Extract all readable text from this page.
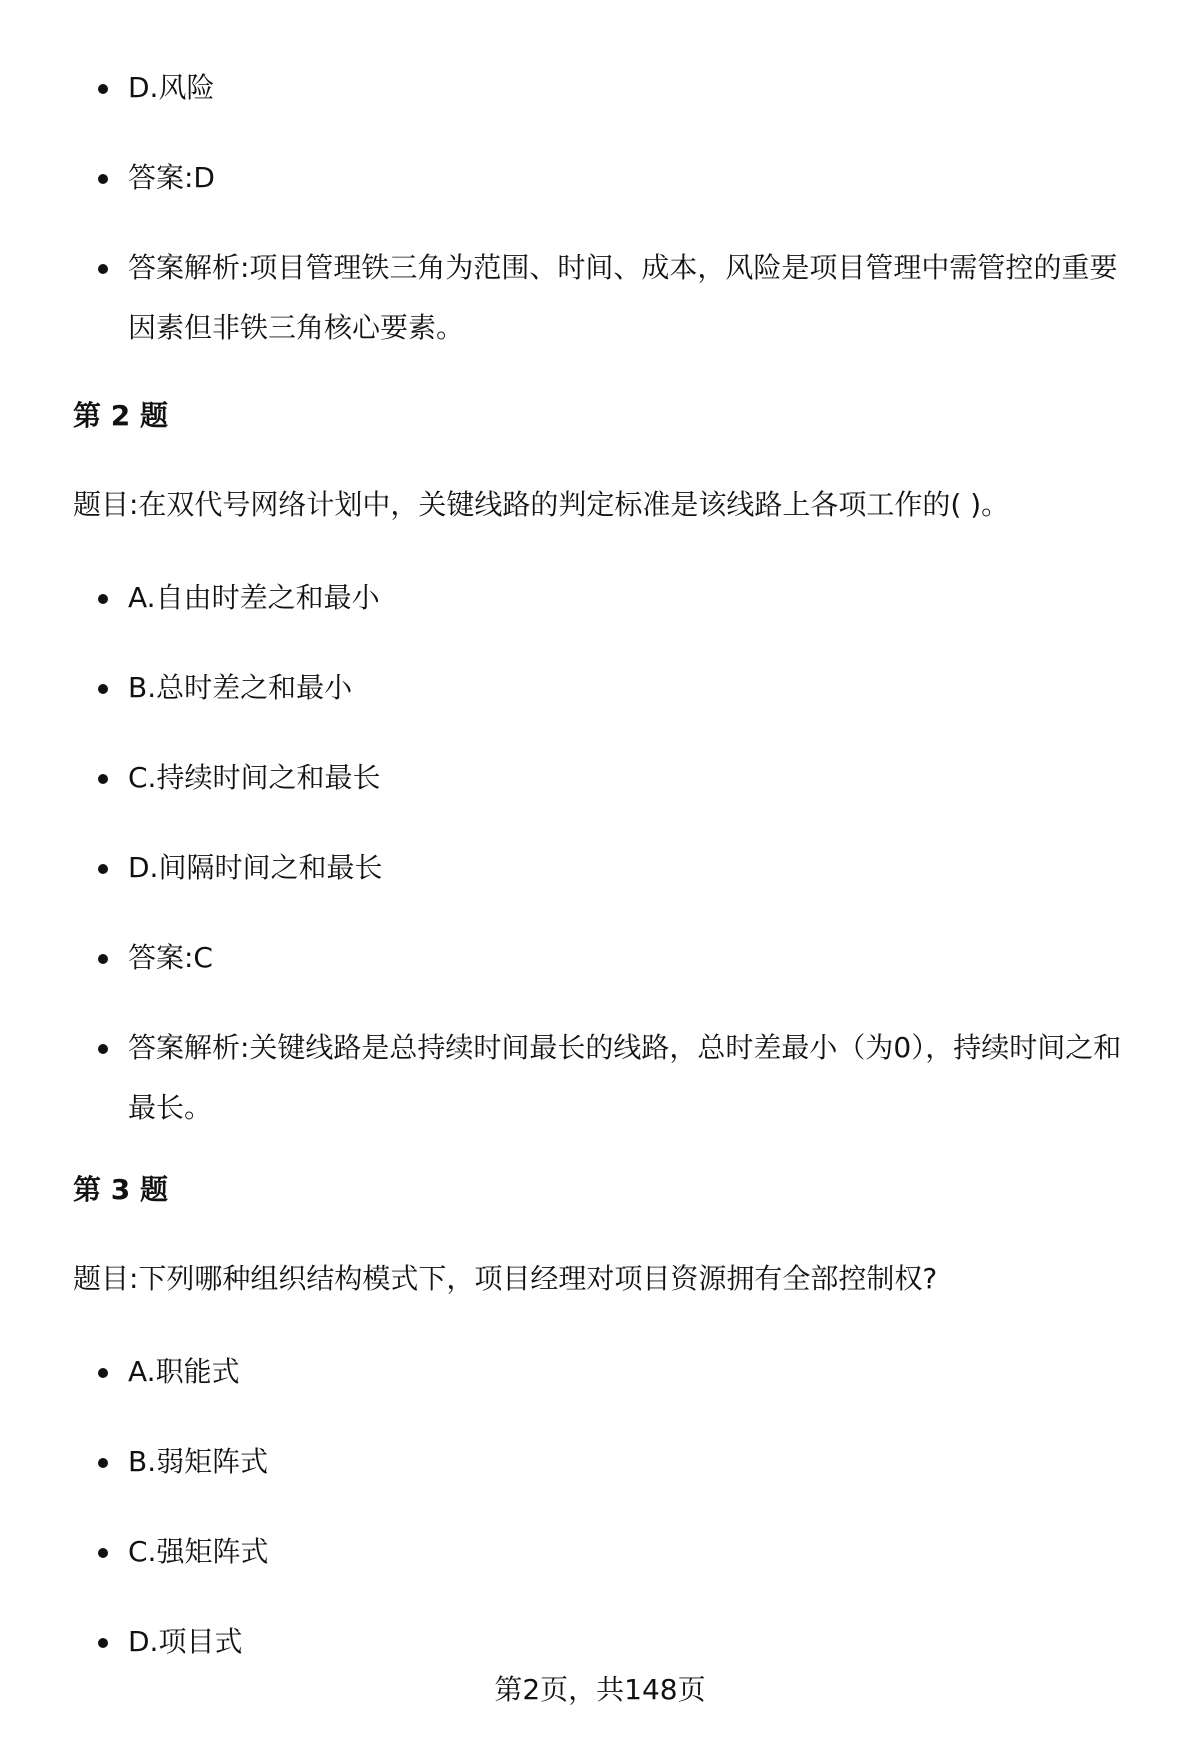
D.风险
答案:D
答案解析:项目管理铁三角为范围、时间、成本，风险是项目管理中需管控的重要因素但非铁三角核心要素。
第 2 题
题目:在双代号网络计划中，关键线路的判定标准是该线路上各项工作的( )。
A.自由时差之和最小
B.总时差之和最小
C.持续时间之和最长
D.间隔时间之和最长
答案:C
答案解析:关键线路是总持续时间最长的线路，总时差最小（为0），持续时间之和最长。
第 3 题
题目:下列哪种组织结构模式下，项目经理对项目资源拥有全部控制权?
A.职能式
B.弱矩阵式
C.强矩阵式
D.项目式
第2页，共148页
